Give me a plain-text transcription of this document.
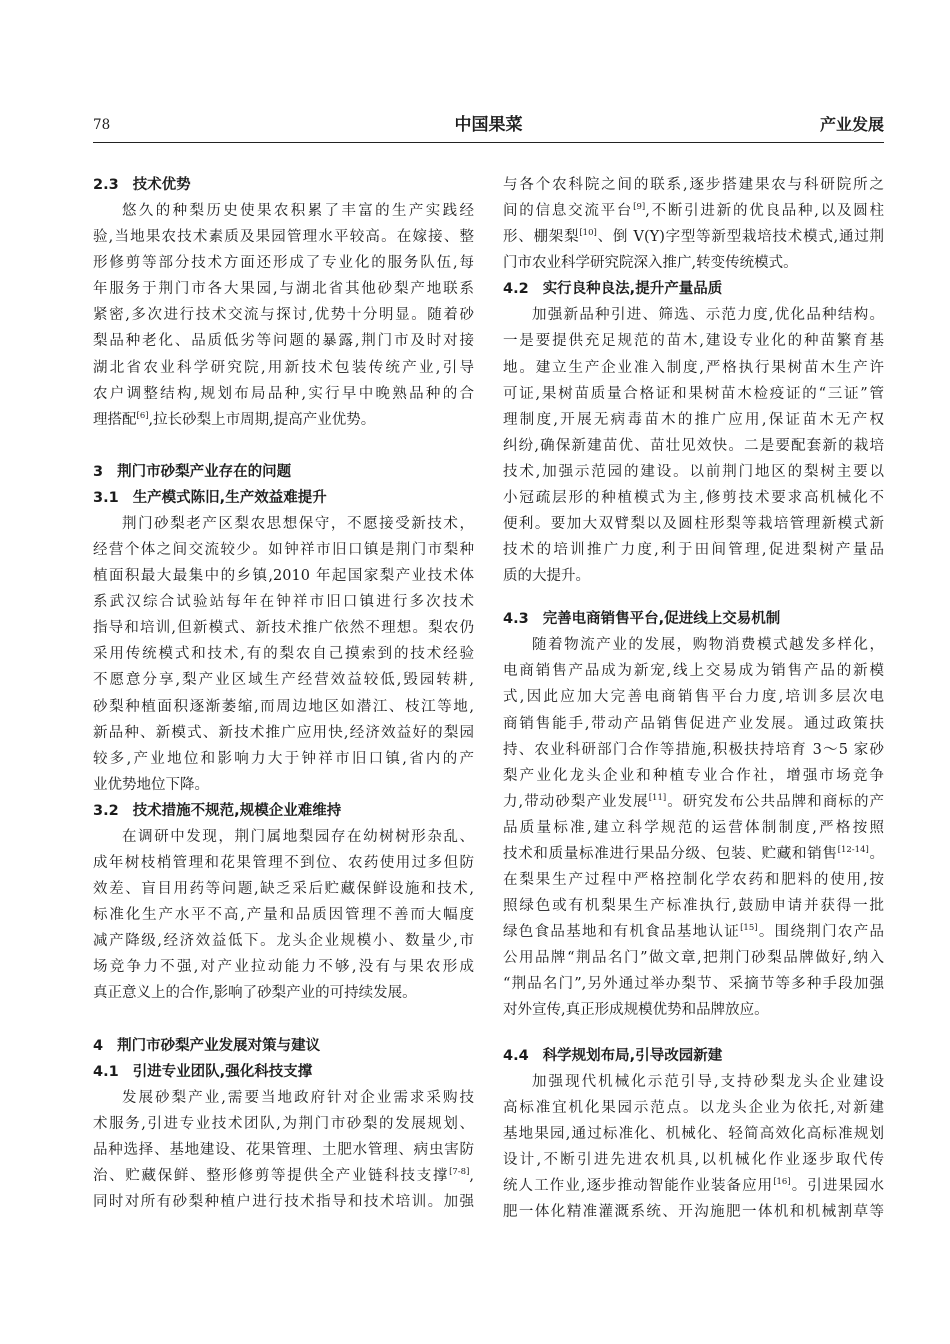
78	中国果菜	产业发展
2.3 技术优势
悠久的种梨历史使果农积累了丰富的生产实践经
验,当地果农技术素质及果园管理水平较高。在嫁接、整
形修剪等部分技术方面还形成了专业化的服务队伍,每
年服务于荆门市各大果园,与湖北省其他砂梨产地联系
紧密,多次进行技术交流与探讨,优势十分明显。随着砂
梨品种老化、品质低劣等问题的暴露,荆门市及时对接
湖北省农业科学研究院,用新技术包装传统产业,引导
农户调整结构,规划布局品种,实行早中晚熟品种的合
理搭配[6],拉长砂梨上市周期,提高产业优势。
3 荆门市砂梨产业存在的问题
3.1 生产模式陈旧,生产效益难提升
荆门砂梨老产区梨农思想保守，不愿接受新技术，
经营个体之间交流较少。如钟祥市旧口镇是荆门市梨种
植面积最大最集中的乡镇,2010 年起国家梨产业技术体
系武汉综合试验站每年在钟祥市旧口镇进行多次技术
指导和培训,但新模式、新技术推广依然不理想。梨农仍
采用传统模式和技术,有的梨农自己摸索到的技术经验
不愿意分享,梨产业区域生产经营效益较低,毁园转耕,
砂梨种植面积逐渐萎缩,而周边地区如潜江、枝江等地,
新品种、新模式、新技术推广应用快,经济效益好的梨园
较多,产业地位和影响力大于钟祥市旧口镇,省内的产
业优势地位下降。
3.2 技术措施不规范,规模企业难维持
在调研中发现，荆门属地梨园存在幼树树形杂乱、
成年树枝梢管理和花果管理不到位、农药使用过多但防
效差、盲目用药等问题,缺乏采后贮藏保鲜设施和技术,
标准化生产水平不高,产量和品质因管理不善而大幅度
减产降级,经济效益低下。龙头企业规模小、数量少,市
场竞争力不强,对产业拉动能力不够,没有与果农形成
真正意义上的合作,影响了砂梨产业的可持续发展。
4 荆门市砂梨产业发展对策与建议
4.1 引进专业团队,强化科技支撑
发展砂梨产业,需要当地政府针对企业需求采购技
术服务,引进专业技术团队,为荆门市砂梨的发展规划、
品种选择、基地建设、花果管理、土肥水管理、病虫害防
治、贮藏保鲜、整形修剪等提供全产业链科技支撑[7-8],
同时对所有砂梨种植户进行技术指导和技术培训。加强
与各个农科院之间的联系,逐步搭建果农与科研院所之
间的信息交流平台[9],不断引进新的优良品种,以及圆柱
形、棚架梨[10]、倒 V(Y)字型等新型栽培技术模式,通过荆
门市农业科学研究院深入推广,转变传统模式。
4.2 实行良种良法,提升产量品质
加强新品种引进、筛选、示范力度,优化品种结构。
一是要提供充足规范的苗木,建设专业化的种苗繁育基
地。建立生产企业准入制度,严格执行果树苗木生产许
可证,果树苗质量合格证和果树苗木检疫证的“三证”管
理制度,开展无病毒苗木的推广应用,保证苗木无产权
纠纷,确保新建苗优、苗壮见效快。二是要配套新的栽培
技术,加强示范园的建设。以前荆门地区的梨树主要以
小冠疏层形的种植模式为主,修剪技术要求高机械化不
便利。要加大双臂梨以及圆柱形梨等栽培管理新模式新
技术的培训推广力度,利于田间管理,促进梨树产量品
质的大提升。
4.3 完善电商销售平台,促进线上交易机制
随着物流产业的发展，购物消费模式越发多样化，
电商销售产品成为新宠,线上交易成为销售产品的新模
式,因此应加大完善电商销售平台力度,培训多层次电
商销售能手,带动产品销售促进产业发展。通过政策扶
持、农业科研部门合作等措施,积极扶持培育 3～5 家砂
梨产业化龙头企业和种植专业合作社，增强市场竞争
力,带动砂梨产业发展[11]。研究发布公共品牌和商标的产
品质量标准,建立科学规范的运营体制制度,严格按照
技术和质量标准进行果品分级、包装、贮藏和销售[12-14]。
在梨果生产过程中严格控制化学农药和肥料的使用,按
照绿色或有机梨果生产标准执行,鼓励申请并获得一批
绿色食品基地和有机食品基地认证[15]。围绕荆门农产品
公用品牌“荆品名门”做文章,把荆门砂梨品牌做好,纳入
“荆品名门”,另外通过举办梨节、采摘节等多种手段加强
对外宣传,真正形成规模优势和品牌放应。
4.4 科学规划布局,引导改园新建
加强现代机械化示范引导,支持砂梨龙头企业建设
高标准宜机化果园示范点。以龙头企业为依托,对新建
基地果园,通过标准化、机械化、轻简高效化高标准规划
设计,不断引进先进农机具,以机械化作业逐步取代传
统人工作业,逐步推动智能作业装备应用[16]。引进果园水
肥一体化精准灌溉系统、开沟施肥一体机和机械割草等
